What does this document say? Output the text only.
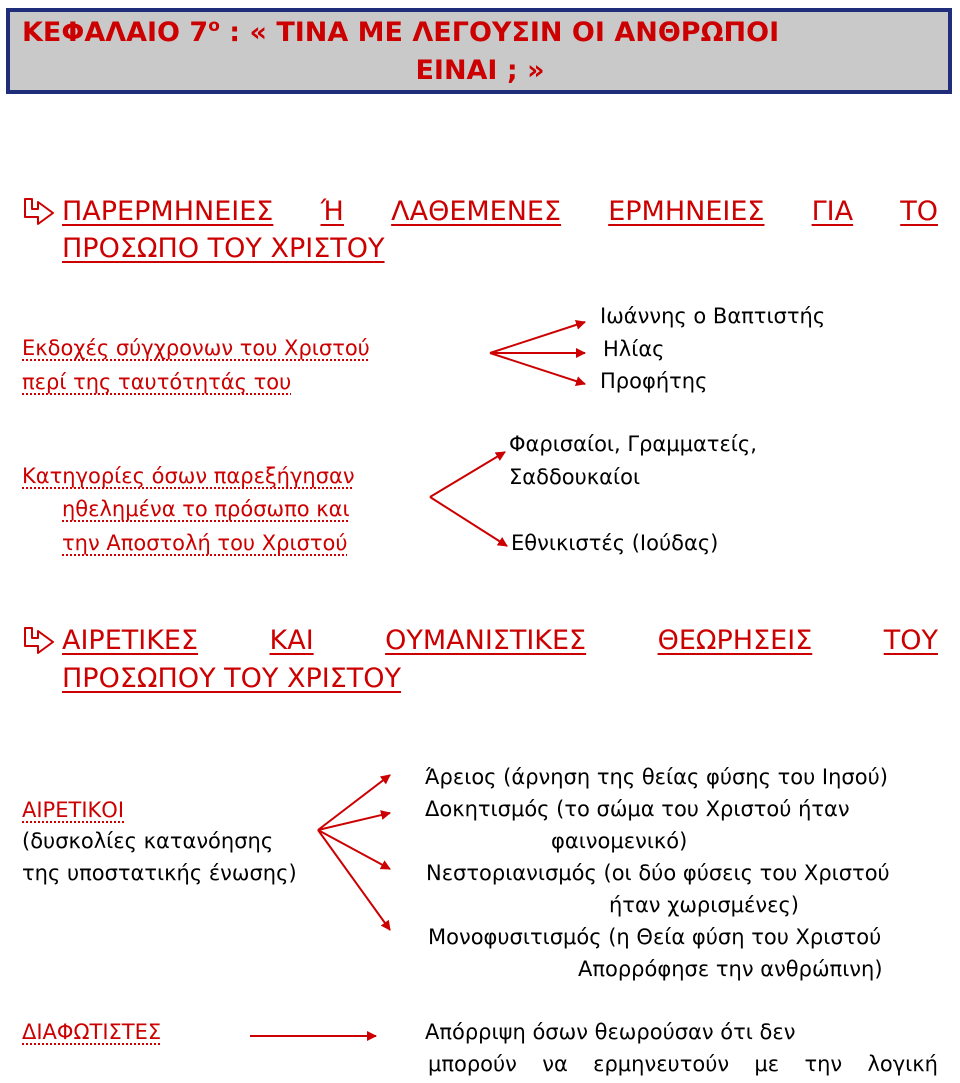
ΚΕΦΑΛΑΙΟ $7^o$ : « ΤΙΝΑ ΜΕ ΛΕΓΟΥΣΙΝ ΟΙ ΑΝΘΡΩΠΟΙ
ΕΙΝΑΙ ; »
ΠΑΡΕΡΜΗΝΕΙΕΣ Ή ΛΑΘΕΜΕΝΕΣ ΕΡΜΗΝΕΙΕΣ ΓΙΑ ΤΟ
ΠΡΟΣΩΠΟ ΤΟΥ ΧΡΙΣΤΟΥ
Εκδοχές σύγχρονων του Χριστού
περί της ταυτότητάς του
Ιωάννης ο Βαπτιστής
Ηλίας
Προφήτης
Κατηγορίες όσων παρεξήγησαν
ηθελημένα το πρόσωπο και
την Αποστολή του Χριστού
Φαρισαίοι, Γραμματείς,
Σαδδουκαίοι
Εθνικιστές (Ιούδας)
ΑΙΡΕΤΙΚΕΣ	ΚΑΙ	ΟΥΜΑΝΙΣΤΙΚΕΣ	ΘΕΩΡΗΣΕΙΣ	ΤΟΥ
ΠΡΟΣΩΠΟΥ ΤΟΥ ΧΡΙΣΤΟΥ
ΑΙΡΕΤΙΚΟΙ
(δυσκολίες κατανόησης
της υποστατικής ένωσης)
Άρειος (άρνηση της θείας φύσης του Ιησού)
Δοκητισμός (το σώμα του Χριστού ήταν
φαινομενικό)
Νεστοριανισμός (οι δύο φύσεις του Χριστού
ήταν χωρισμένες)
Μονοφυσιτισμός (η Θεία φύση του Χριστού
Απορρόφησε την ανθρώπινη)
ΔΙΑΦΩΤΙΣΤΕΣ	Απόρριψη όσων θεωρούσαν ότι δεν
μπορούν να ερμηνευτούν με την λογική
